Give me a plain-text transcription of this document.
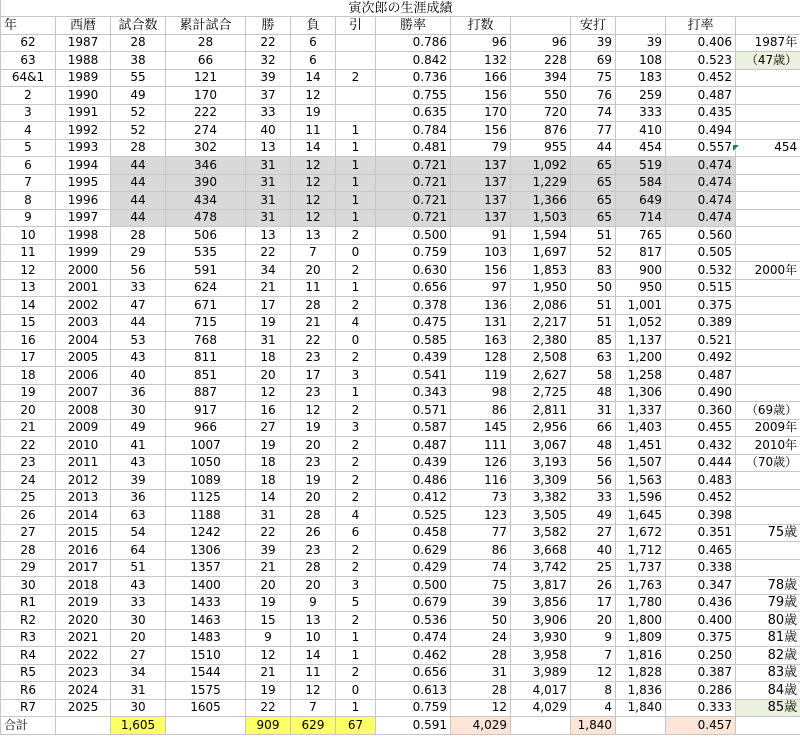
寅次郎の生涯成績													
年	西暦	試合数	累計試合	勝	負	引	勝率	打数		安打		打率	
62	1987	28	28	22	6		0.786	96	96	39	39	0.406	1987年
63	1988	38	66	32	6		0.842	132	228	69	108	0.523	（47歳）
64&1	1989	55	121	39	14	2	0.736	166	394	75	183	0.452	
2	1990	49	170	37	12		0.755	156	550	76	259	0.487	
3	1991	52	222	33	19		0.635	170	720	74	333	0.435	
4	1992	52	274	40	11	1	0.784	156	876	77	410	0.494	
5	1993	28	302	13	14	1	0.481	79	955	44	454	0.557	454
6	1994	44	346	31	12	1	0.721	137	1,092	65	519	0.474	
7	1995	44	390	31	12	1	0.721	137	1,229	65	584	0.474	
8	1996	44	434	31	12	1	0.721	137	1,366	65	649	0.474	
9	1997	44	478	31	12	1	0.721	137	1,503	65	714	0.474	
10	1998	28	506	13	13	2	0.500	91	1,594	51	765	0.560	
11	1999	29	535	22	7	0	0.759	103	1,697	52	817	0.505	
12	2000	56	591	34	20	2	0.630	156	1,853	83	900	0.532	2000年
13	2001	33	624	21	11	1	0.656	97	1,950	50	950	0.515	
14	2002	47	671	17	28	2	0.378	136	2,086	51	1,001	0.375	
15	2003	44	715	19	21	4	0.475	131	2,217	51	1,052	0.389	
16	2004	53	768	31	22	0	0.585	163	2,380	85	1,137	0.521	
17	2005	43	811	18	23	2	0.439	128	2,508	63	1,200	0.492	
18	2006	40	851	20	17	3	0.541	119	2,627	58	1,258	0.487	
19	2007	36	887	12	23	1	0.343	98	2,725	48	1,306	0.490	
20	2008	30	917	16	12	2	0.571	86	2,811	31	1,337	0.360	（69歳）
21	2009	49	966	27	19	3	0.587	145	2,956	66	1,403	0.455	2009年
22	2010	41	1007	19	20	2	0.487	111	3,067	48	1,451	0.432	2010年
23	2011	43	1050	18	23	2	0.439	126	3,193	56	1,507	0.444	（70歳）
24	2012	39	1089	18	19	2	0.486	116	3,309	56	1,563	0.483	
25	2013	36	1125	14	20	2	0.412	73	3,382	33	1,596	0.452	
26	2014	63	1188	31	28	4	0.525	123	3,505	49	1,645	0.398	
27	2015	54	1242	22	26	6	0.458	77	3,582	27	1,672	0.351	75歳
28	2016	64	1306	39	23	2	0.629	86	3,668	40	1,712	0.465	
29	2017	51	1357	21	28	2	0.429	74	3,742	25	1,737	0.338	
30	2018	43	1400	20	20	3	0.500	75	3,817	26	1,763	0.347	78歳
R1	2019	33	1433	19	9	5	0.679	39	3,856	17	1,780	0.436	79歳
R2	2020	30	1463	15	13	2	0.536	50	3,906	20	1,800	0.400	80歳
R3	2021	20	1483	9	10	1	0.474	24	3,930	9	1,809	0.375	81歳
R4	2022	27	1510	12	14	1	0.462	28	3,958	7	1,816	0.250	82歳
R5	2023	34	1544	21	11	2	0.656	31	3,989	12	1,828	0.387	83歳
R6	2024	31	1575	19	12	0	0.613	28	4,017	8	1,836	0.286	84歳
R7	2025	30	1605	22	7	1	0.759	12	4,029	4	1,840	0.333	85歳
合計		1,605		909	629	67	0.591	4,029		1,840		0.457	
